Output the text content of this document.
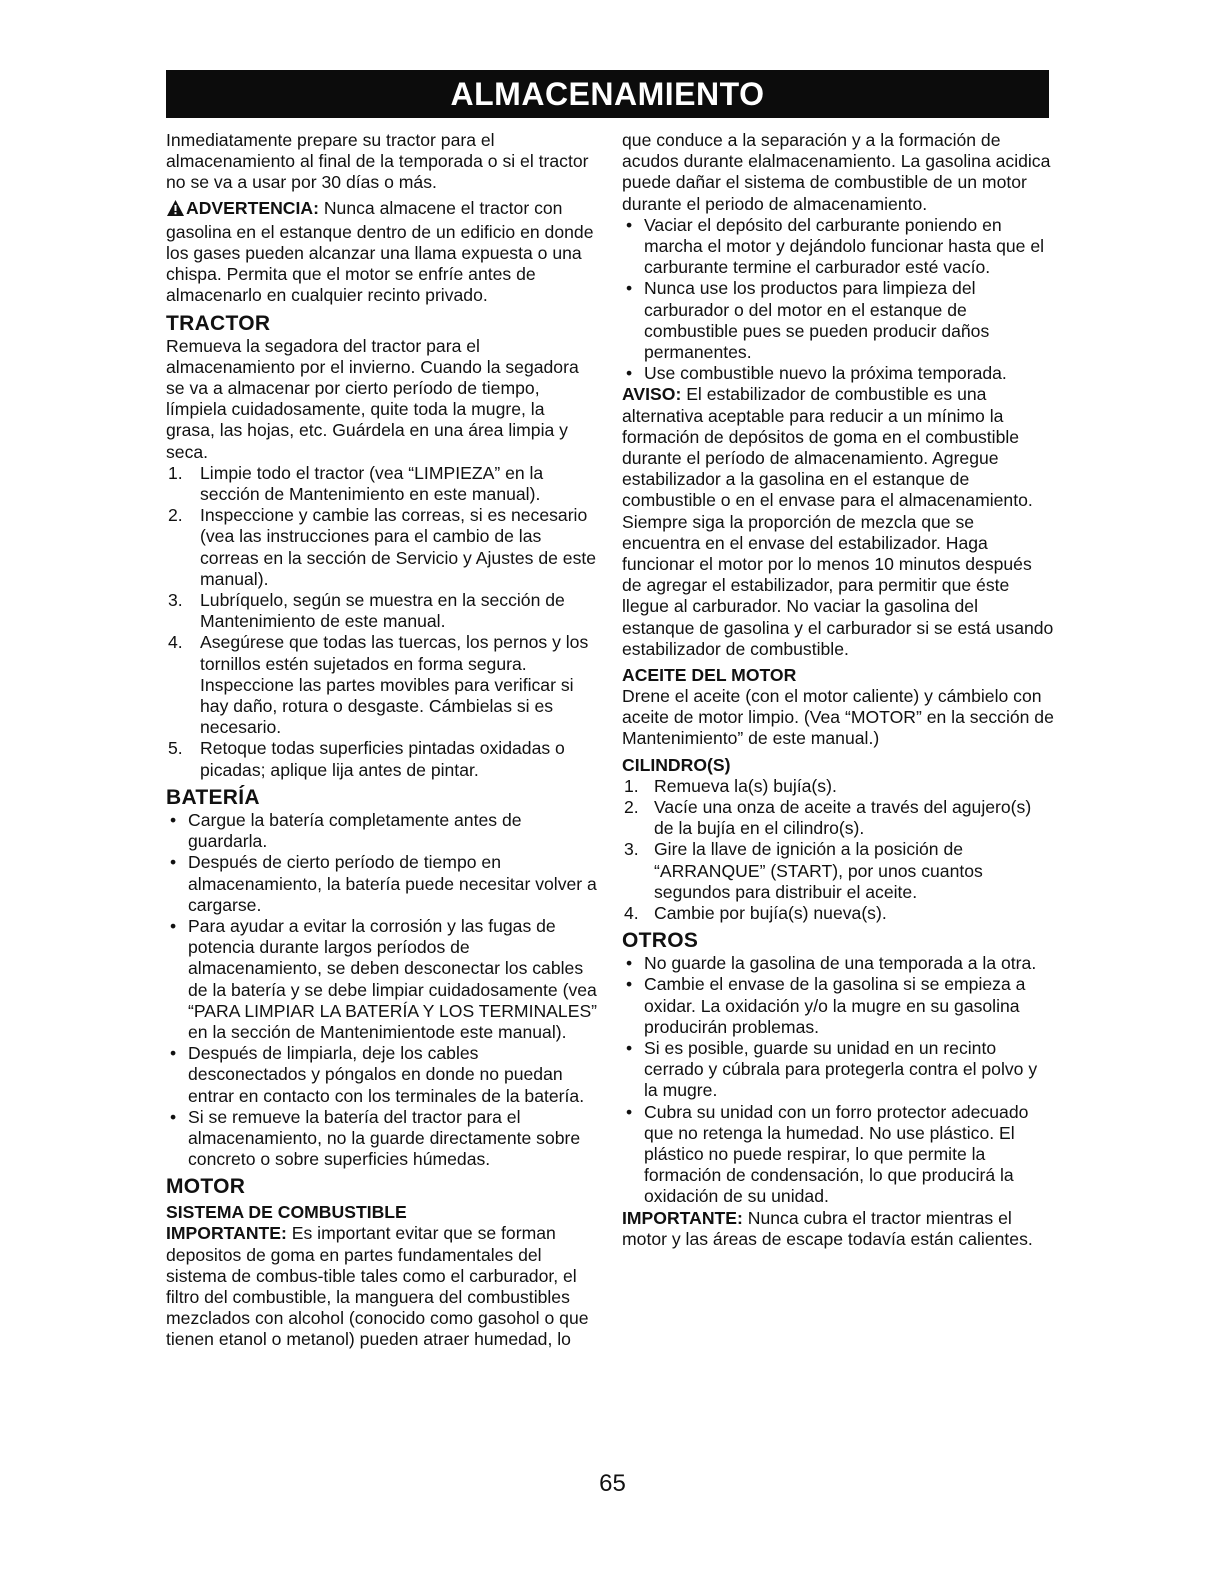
ALMACENAMIENTO

Inmediatamente prepare su tractor para el almacenamiento al final de la temporada o si el tractor no se va a usar por 30 días o más.

ADVERTENCIA: Nunca almacene el tractor con gasolina en el estanque dentro de un edificio en donde los gases pueden alcanzar una llama expuesta o una chispa. Permita que el motor se enfríe antes de almacenarlo en cualquier recinto privado.

TRACTOR

Remueva la segadora del tractor para el almacenamiento por el invierno. Cuando la segadora se va a almacenar por cierto período de tiempo, límpiela cuidadosamente, quite toda la mugre, la grasa, las hojas, etc. Guárdela en una área limpia y seca.

1. Limpie todo el tractor (vea “LIMPIEZA” en la sección de Mantenimiento en este manual).
2. Inspeccione y cambie las correas, si es necesario (vea las instrucciones para el cambio de las correas en la sección de Servicio y Ajustes de este manual).
3. Lubríquelo, según se muestra en la sección de Mantenimiento de este manual.
4. Asegúrese que todas las tuercas, los pernos y los tornillos estén sujetados en forma segura. Inspeccione las partes movibles para verificar si hay daño, rotura o desgaste. Cámbielas si es necesario.
5. Retoque todas superficies pintadas oxidadas o picadas; aplique lija antes de pintar.
BATERÍA
• Cargue la batería completamente antes de guardarla.
• Después de cierto período de tiempo en almacenamiento, la batería puede necesitar volver a cargarse.
• Para ayudar a evitar la corrosión y las fugas de potencia durante largos períodos de almacenamiento, se deben desconectar los cables de la batería y se debe limpiar cuidadosamente (vea “PARA LIMPIAR LA BATERÍA Y LOS TERMINALES” en la sección de Mantenimientode este manual).
• Después de limpiarla, deje los cables desconectados y póngalos en donde no puedan entrar en contacto con los terminales de la batería.
• Si se remueve la batería del tractor para el almacenamiento, no la guarde directamente sobre concreto o sobre superficies húmedas.
MOTOR
SISTEMA DE COMBUSTIBLE

IMPORTANTE: Es important evitar que se forman depositos de goma en partes fundamentales del sistema de combus-tible tales como el carburador, el filtro del combustible, la manguera del combustibles mezclados con alcohol (conocido como gasohol o que tienen etanol o metanol) pueden atraer humedad, lo

que conduce a la separación y a la formación de acudos durante elalmacenamiento. La gasolina acidica puede dañar el sistema de combustible de un motor durante el periodo de almacenamiento.

• Vaciar el depósito del carburante poniendo en marcha el motor y dejándolo funcionar hasta que el carburante termine el carburador esté vacío.
• Nunca use los productos para limpieza del carburador o del motor en el estanque de combustible pues se pueden producir daños permanentes.
• Use combustible nuevo la próxima temporada.

AVISO: El estabilizador de combustible es una alternativa aceptable para reducir a un mínimo la formación de depósitos de goma en el combustible durante el período de almacenamiento. Agregue estabilizador a la gasolina en el estanque de combustible o en el envase para el almacenamiento. Siempre siga la proporción de mezcla que se encuentra en el envase del estabilizador. Haga funcionar el motor por lo menos 10 minutos después de agregar el estabilizador, para permitir que éste llegue al carburador. No vaciar la gasolina del estanque de gasolina y el carburador si se está usando estabilizador de combustible.

ACEITE DEL MOTOR

Drene el aceite (con el motor caliente) y cámbielo con aceite de motor limpio. (Vea “MOTOR” en la sección de Mantenimiento” de este manual.)

CILINDRO(S)
1. Remueva la(s) bujía(s).
2. Vacíe una onza de aceite a través del agujero(s) de la bujía en el cilindro(s).
3. Gire la llave de ignición a la posición de “ARRANQUE” (START), por unos cuantos segundos para distribuir el aceite.
4. Cambie por bujía(s) nueva(s).
OTROS
• No guarde la gasolina de una temporada a la otra.
• Cambie el envase de la gasolina si se empieza a oxidar. La oxidación y/o la mugre en su gasolina producirán problemas.
• Si es posible, guarde su unidad en un recinto cerrado y cúbrala para protegerla contra el polvo y la mugre.
• Cubra su unidad con un forro protector adecuado que no retenga la humedad. No use plástico. El plástico no puede respirar, lo que permite la formación de condensación, lo que producirá la oxidación de su unidad.

IMPORTANTE: Nunca cubra el tractor mientras el motor y las áreas de escape todavía están calientes.

65
